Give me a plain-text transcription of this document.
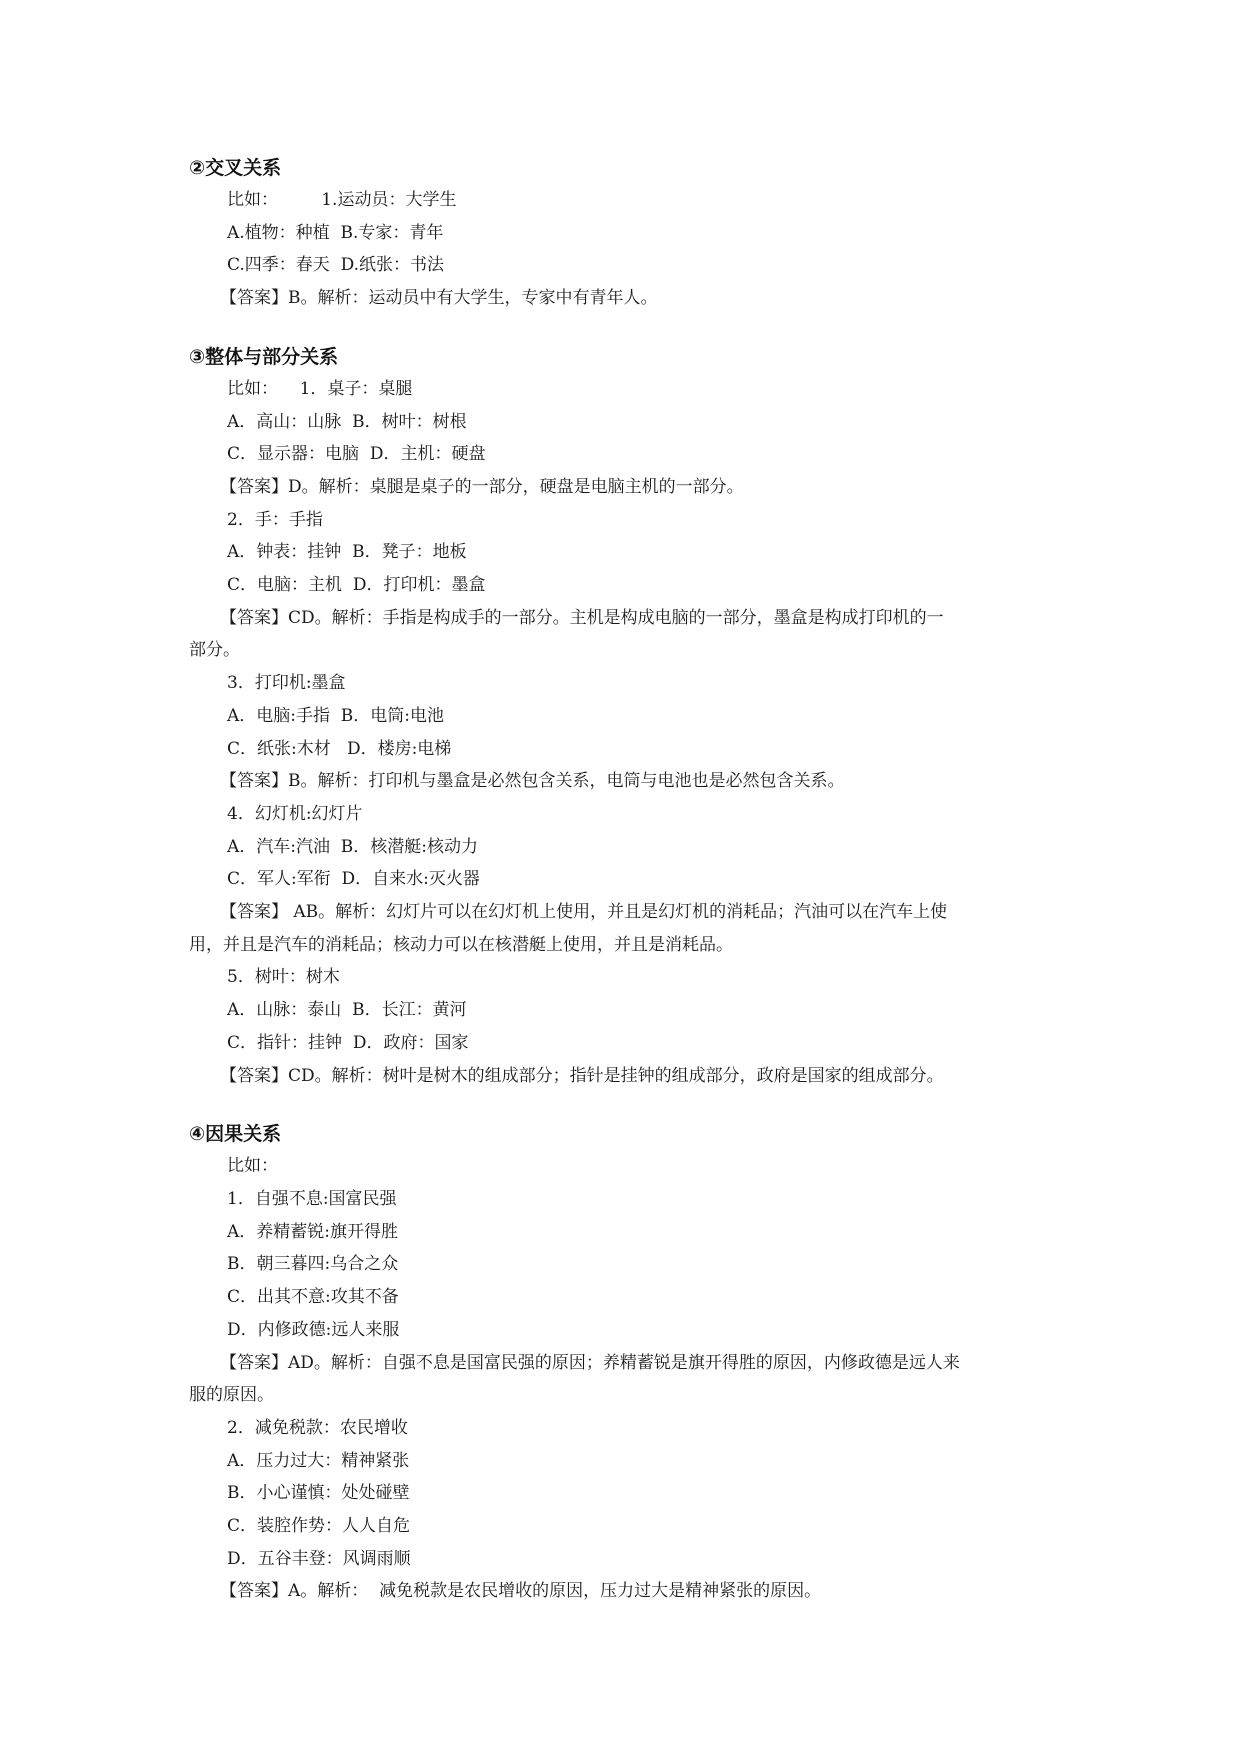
②交叉关系
比如：        1.运动员：大学生
A.植物：种植  B.专家：青年
C.四季：春天  D.纸张：书法
【答案】B。解析：运动员中有大学生，专家中有青年人。
③整体与部分关系
比如：    1．桌子：桌腿
A．高山：山脉  B．树叶：树根
C．显示器：电脑  D．主机：硬盘
【答案】D。解析：桌腿是桌子的一部分，硬盘是电脑主机的一部分。
2．手：手指
A．钟表：挂钟  B．凳子：地板
C．电脑：主机  D．打印机：墨盒
【答案】CD。解析：手指是构成手的一部分。主机是构成电脑的一部分，墨盒是构成打印机的一
部分。
3．打印机:墨盒
A．电脑:手指  B．电筒:电池
C．纸张:木材   D．楼房:电梯
【答案】B。解析：打印机与墨盒是必然包含关系，电筒与电池也是必然包含关系。
4．幻灯机:幻灯片
A．汽车:汽油  B．核潜艇:核动力
C．军人:军衔  D．自来水:灭火器
【答案】 AB。解析：幻灯片可以在幻灯机上使用，并且是幻灯机的消耗品；汽油可以在汽车上使
用，并且是汽车的消耗品；核动力可以在核潜艇上使用，并且是消耗品。
5．树叶：树木
A．山脉：泰山  B．长江：黄河
C．指针：挂钟  D．政府：国家
【答案】CD。解析：树叶是树木的组成部分；指针是挂钟的组成部分，政府是国家的组成部分。
④因果关系
比如：
1．自强不息:国富民强
A．养精蓄锐:旗开得胜
B．朝三暮四:乌合之众
C．出其不意:攻其不备
D．内修政德:远人来服
【答案】AD。解析：自强不息是国富民强的原因；养精蓄锐是旗开得胜的原因，内修政德是远人来
服的原因。
2．减免税款：农民增收
A．压力过大：精神紧张
B．小心谨慎：处处碰壁
C．装腔作势：人人自危
D．五谷丰登：风调雨顺
【答案】A。解析：  减免税款是农民增收的原因，压力过大是精神紧张的原因。
